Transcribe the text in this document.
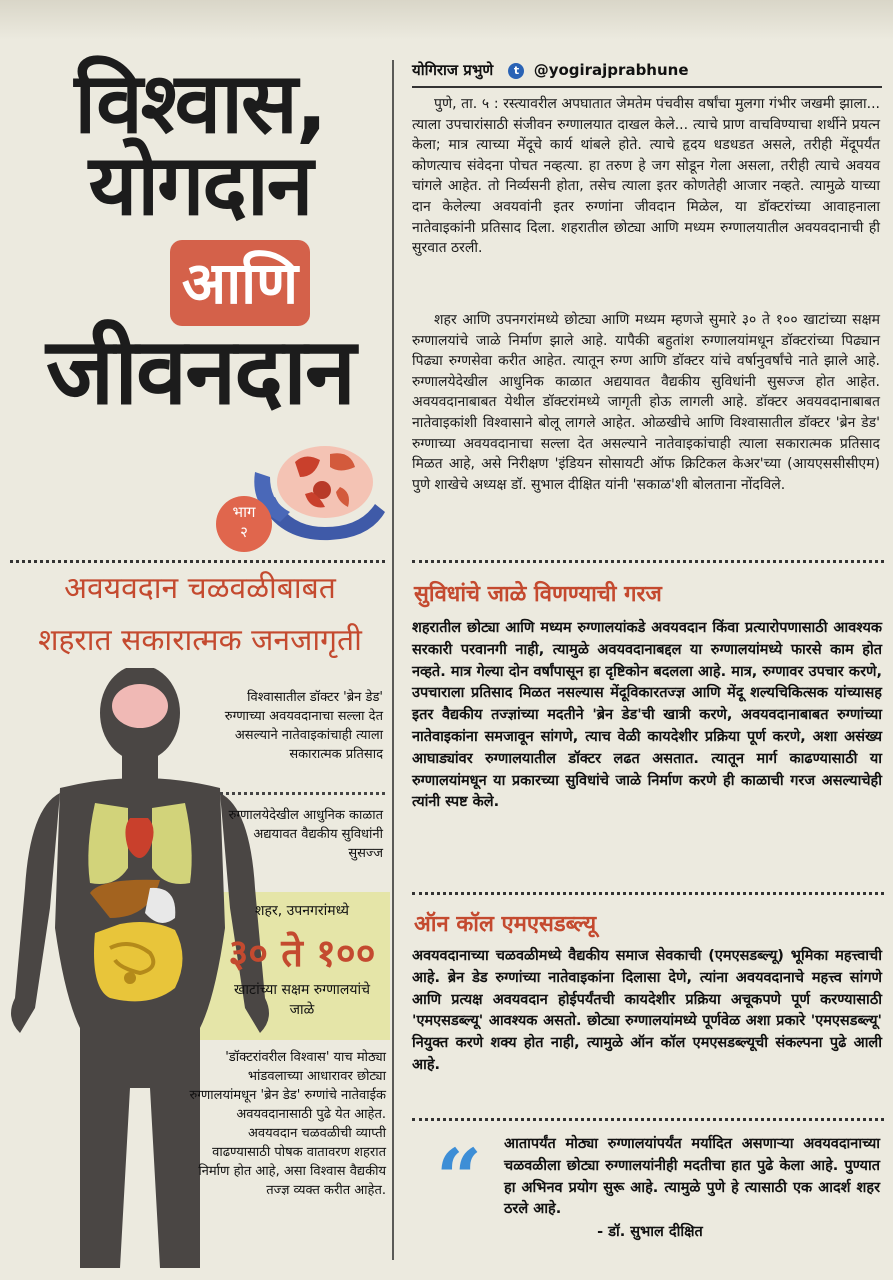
विश्वास,
योगदान
आणि
जीवनदान
भाग
२
अवयवदान चळवळीबाबत
शहरात सकारात्मक जनजागृती
विश्वासातील डॉक्टर 'ब्रेन डेड' रुग्णाच्या अवयवदानाचा सल्ला देत असल्याने नातेवाइकांचाही त्याला सकारात्मक प्रतिसाद
रुग्णालयेदेखील आधुनिक काळात अद्ययावत वैद्यकीय सुविधांनी सुसज्ज
शहर, उपनगरांमध्ये
३० ते १००
खाटांच्या सक्षम रुग्णालयांचे जाळे
'डॉक्टरांवरील विश्वास' याच मोठ्या भांडवलाच्या आधारावर छोट्या रुग्णालयांमधून 'ब्रेन डेड' रुग्णांचे नातेवाईक अवयवदानासाठी पुढे येत आहेत. अवयवदान चळवळीची व्याप्ती वाढण्यासाठी पोषक वातावरण शहरात निर्माण होत आहे, असा विश्वास वैद्यकीय तज्ज्ञ व्यक्त करीत आहेत.
योगिराज प्रभुणे t @yogirajprabhune
पुणे, ता. ५ : रस्त्यावरील अपघातात जेमतेम पंचवीस वर्षांचा मुलगा गंभीर जखमी झाला... त्याला उपचारांसाठी संजीवन रुग्णालयात दाखल केले... त्याचे प्राण वाचविण्याचा शर्थीने प्रयत्न केला; मात्र त्याच्या मेंदूचे कार्य थांबले होते. त्याचे हृदय धडधडत असले, तरीही मेंदूपर्यंत कोणत्याच संवेदना पोचत नव्हत्या. हा तरुण हे जग सोडून गेला असला, तरीही त्याचे अवयव चांगले आहेत. तो निर्व्यसनी होता, तसेच त्याला इतर कोणतेही आजार नव्हते. त्यामुळे याच्या दान केलेल्या अवयवांनी इतर रुग्णांना जीवदान मिळेल, या डॉक्टरांच्या आवाहनाला नातेवाइकांनी प्रतिसाद दिला. शहरातील छोट्या आणि मध्यम रुग्णालयातील अवयवदानाची ही सुरवात ठरली.
शहर आणि उपनगरांमध्ये छोट्या आणि मध्यम म्हणजे सुमारे ३० ते १०० खाटांच्या सक्षम रुग्णालयांचे जाळे निर्माण झाले आहे. यापैकी बहुतांश रुग्णालयांमधून डॉक्टरांच्या पिढ्यान पिढ्या रुग्णसेवा करीत आहेत. त्यातून रुग्ण आणि डॉक्टर यांचे वर्षानुवर्षांचे नाते झाले आहे. रुग्णालयेदेखील आधुनिक काळात अद्ययावत वैद्यकीय सुविधांनी सुसज्ज होत आहेत. अवयवदानाबाबत येथील डॉक्टरांमध्ये जागृती होऊ लागली आहे. डॉक्टर अवयवदानाबाबत नातेवाइकांशी विश्वासाने बोलू लागले आहेत. ओळखीचे आणि विश्वासातील डॉक्टर 'ब्रेन डेड' रुग्णाच्या अवयवदानाचा सल्ला देत असल्याने नातेवाइकांचाही त्याला सकारात्मक प्रतिसाद मिळत आहे, असे निरीक्षण 'इंडियन सोसायटी ऑफ क्रिटिकल केअर'च्या (आयएससीसीएम) पुणे शाखेचे अध्यक्ष डॉ. सुभाल दीक्षित यांनी 'सकाळ'शी बोलताना नोंदविले.
सुविधांचे जाळे विणण्याची गरज
शहरातील छोट्या आणि मध्यम रुग्णालयांकडे अवयवदान किंवा प्रत्यारोपणासाठी आवश्यक सरकारी परवानगी नाही, त्यामुळे अवयवदानाबद्दल या रुग्णालयांमध्ये फारसे काम होत नव्हते. मात्र गेल्या दोन वर्षांपासून हा दृष्टिकोन बदलला आहे. मात्र, रुग्णावर उपचार करणे, उपचाराला प्रतिसाद मिळत नसल्यास मेंदूविकारतज्ज्ञ आणि मेंदू शल्यचिकित्सक यांच्यासह इतर वैद्यकीय तज्ज्ञांच्या मदतीने 'ब्रेन डेड'ची खात्री करणे, अवयवदानाबाबत रुग्णांच्या नातेवाइकांना समजावून सांगणे, त्याच वेळी कायदेशीर प्रक्रिया पूर्ण करणे, अशा असंख्य आघाड्यांवर रुग्णालयातील डॉक्टर लढत असतात. त्यातून मार्ग काढण्यासाठी या रुग्णालयांमधून या प्रकारच्या सुविधांचे जाळे निर्माण करणे ही काळाची गरज असल्याचेही त्यांनी स्पष्ट केले.
ऑन कॉल एमएसडब्ल्यू
अवयवदानाच्या चळवळीमध्ये वैद्यकीय समाज सेवकाची (एमएसडब्ल्यू) भूमिका महत्त्वाची आहे. ब्रेन डेड रुग्णांच्या नातेवाइकांना दिलासा देणे, त्यांना अवयवदानाचे महत्त्व सांगणे आणि प्रत्यक्ष अवयवदान होईपर्यंतची कायदेशीर प्रक्रिया अचूकपणे पूर्ण करण्यासाठी 'एमएसडब्ल्यू' आवश्यक असतो. छोट्या रुग्णालयांमध्ये पूर्णवेळ अशा प्रकारे 'एमएसडब्ल्यू' नियुक्त करणे शक्य होत नाही, त्यामुळे ऑन कॉल एमएसडब्ल्यूची संकल्पना पुढे आली आहे.
“	आतापर्यंत मोठ्या रुग्णालयांपर्यंत मर्यादित असणाऱ्या अवयवदानाच्या चळवळीला छोट्या रुग्णालयांनीही मदतीचा हात पुढे केला आहे. पुण्यात हा अभिनव प्रयोग सुरू आहे. त्यामुळे पुणे हे त्यासाठी एक आदर्श शहर ठरले आहे.
- डॉ. सुभाल दीक्षित
